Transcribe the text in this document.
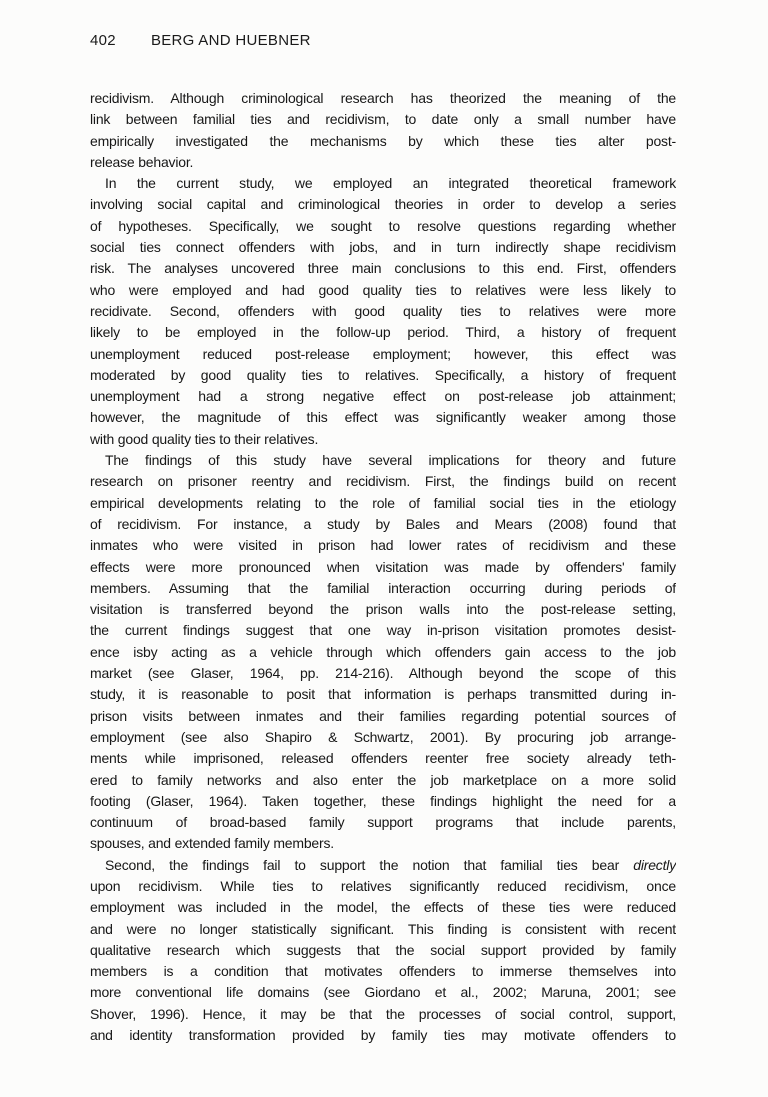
402 BERG AND HUEBNER
recidivism. Although criminological research has theorized the meaning of the
link between familial ties and recidivism, to date only a small number have
empirically investigated the mechanisms by which these ties alter post-
release behavior.
In the current study, we employed an integrated theoretical framework
involving social capital and criminological theories in order to develop a series
of hypotheses. Specifically, we sought to resolve questions regarding whether
social ties connect offenders with jobs, and in turn indirectly shape recidivism
risk. The analyses uncovered three main conclusions to this end. First, offenders
who were employed and had good quality ties to relatives were less likely to
recidivate. Second, offenders with good quality ties to relatives were more
likely to be employed in the follow-up period. Third, a history of frequent
unemployment reduced post-release employment; however, this effect was
moderated by good quality ties to relatives. Specifically, a history of frequent
unemployment had a strong negative effect on post-release job attainment;
however, the magnitude of this effect was significantly weaker among those
with good quality ties to their relatives.
The findings of this study have several implications for theory and future
research on prisoner reentry and recidivism. First, the findings build on recent
empirical developments relating to the role of familial social ties in the etiology
of recidivism. For instance, a study by Bales and Mears (2008) found that
inmates who were visited in prison had lower rates of recidivism and these
effects were more pronounced when visitation was made by offenders' family
members. Assuming that the familial interaction occurring during periods of
visitation is transferred beyond the prison walls into the post-release setting,
the current findings suggest that one way in-prison visitation promotes desist-
ence isby acting as a vehicle through which offenders gain access to the job
market (see Glaser, 1964, pp. 214-216). Although beyond the scope of this
study, it is reasonable to posit that information is perhaps transmitted during in-
prison visits between inmates and their families regarding potential sources of
employment (see also Shapiro & Schwartz, 2001). By procuring job arrange-
ments while imprisoned, released offenders reenter free society already teth-
ered to family networks and also enter the job marketplace on a more solid
footing (Glaser, 1964). Taken together, these findings highlight the need for a
continuum of broad-based family support programs that include parents,
spouses, and extended family members.
Second, the findings fail to support the notion that familial ties bear directly
upon recidivism. While ties to relatives significantly reduced recidivism, once
employment was included in the model, the effects of these ties were reduced
and were no longer statistically significant. This finding is consistent with recent
qualitative research which suggests that the social support provided by family
members is a condition that motivates offenders to immerse themselves into
more conventional life domains (see Giordano et al., 2002; Maruna, 2001; see
Shover, 1996). Hence, it may be that the processes of social control, support,
and identity transformation provided by family ties may motivate offenders to
